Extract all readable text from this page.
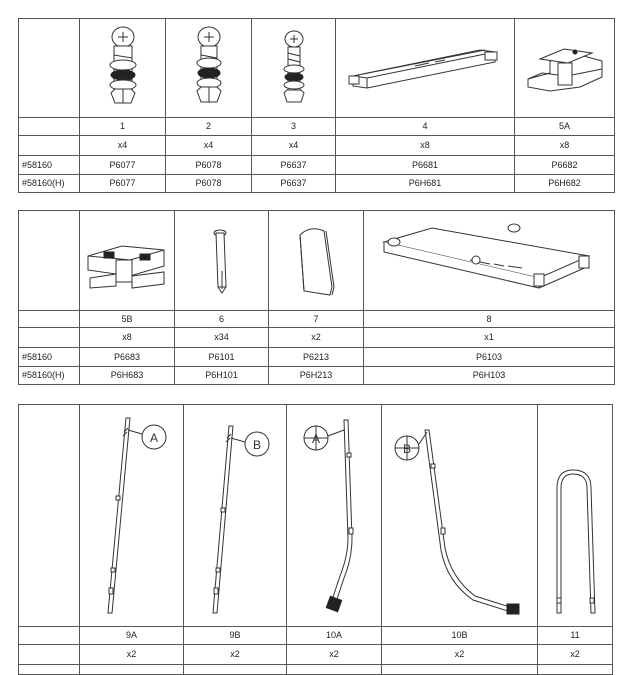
	1	2	3	4	5A
	x4	x4	x4	x8	x8
#58160	P6077	P6078	P6637	P6681	P6682
#58160(H)	P6077	P6078	P6637	P6H681	P6H682

	5B	6	7	8
	x8	x34	x2	x1
#58160	P6683	P6101	P6213	P6103
#58160(H)	P6H683	P6H101	P6H213	P6H103

A	B	A	B

	9A	9B	10A	10B	11
	x2	x2	x2	x2	x2
